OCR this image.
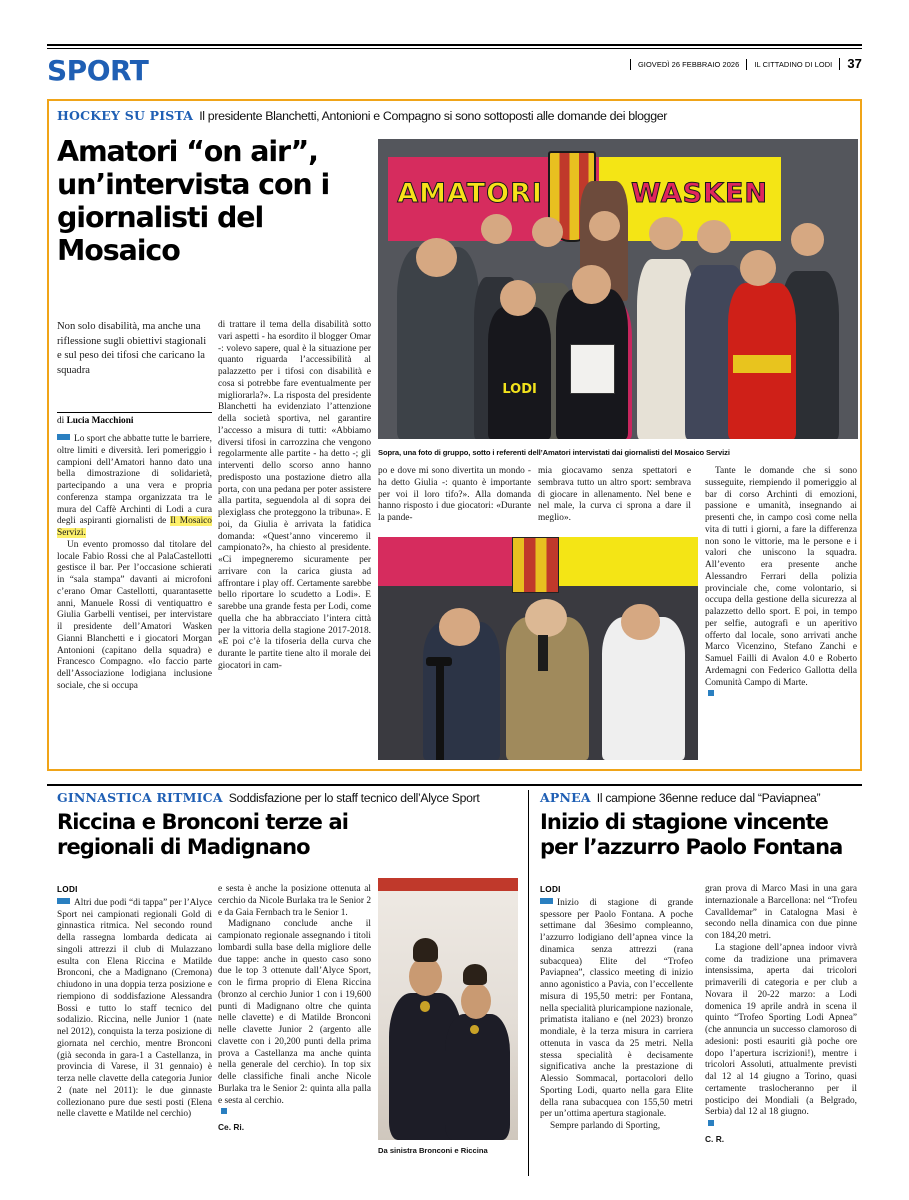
SPORT	GIOVEDÌ 26 FEBBRAIO 2026	IL CITTADINO DI LODI	37
HOCKEY SU PISTA Il presidente Blanchetti, Antonioni e Compagno si sono sottoposti alle domande dei blogger
Amatori “on air”, un’intervista con i giornalisti del Mosaico
AMATORI	WASKEN
LODI
Sopra, una foto di gruppo, sotto i referenti dell’Amatori intervistati dai giornalisti del Mosaico Servizi
Non solo disabilità, ma anche una riflessione sugli obiettivi stagionali e sul peso dei tifosi che caricano la squadra
di Lucia Macchioni

Lo sport che abbatte tutte le barriere, oltre limiti e diversità. Ieri pomeriggio i campioni dell’Amatori hanno dato una bella dimostrazione di solidarietà, partecipando a una vera e propria conferenza stampa organizzata tra le mura del Caffè Archinti di Lodi a cura degli aspiranti giornalisti de Il Mosaico Servizi.

Un evento promosso dal titolare del locale Fabio Rossi che al PalaCastellotti gestisce il bar. Per l’occasione schierati in “sala stampa” davanti ai microfoni c’erano Omar Castellotti, quarantasette anni, Manuele Rossi di ventiquattro e Giulia Garbelli ventisei, per intervistare il presidente dell’Amatori Wasken Gianni Blanchetti e i giocatori Morgan Antonioni (capitano della squadra) e Francesco Compagno. «Io faccio parte dell’Associazione lodigiana inclusione sociale, che si occupa

di trattare il tema della disabilità sotto vari aspetti - ha esordito il blogger Omar -: volevo sapere, qual è la situazione per quanto riguarda l’accessibilità al palazzetto per i tifosi con disabilità e cosa si potrebbe fare eventualmente per migliorarla?». La risposta del presidente Blanchetti ha evidenziato l’attenzione della società sportiva, nel garantire l’accesso a misura di tutti: «Abbiamo diversi tifosi in carrozzina che vengono regolarmente alle partite - ha detto -; gli interventi dello scorso anno hanno predisposto una postazione dietro alla porta, con una pedana per poter assistere alla partita, seguendola al di sopra dei plexiglass che proteggono la tribuna». E poi, da Giulia è arrivata la fatidica domanda: «Quest’anno vinceremo il campionato?», ha chiesto al presidente. «Ci impegneremo sicuramente per arrivare con la carica giusta ad affrontare i play off. Certamente sarebbe bello riportare lo scudetto a Lodi». E sarebbe una grande festa per Lodi, come quella che ha abbracciato l’intera città per la vittoria della stagione 2017-2018. «E poi c’è la tifoseria della curva che durante le partite tiene alto il morale dei giocatori in cam-

po e dove mi sono divertita un mondo - ha detto Giulia -: quanto è importante per voi il loro tifo?». Alla domanda hanno risposto i due giocatori: «Durante la pande-

mia giocavamo senza spettatori e sembrava tutto un altro sport: sembrava di giocare in allenamento. Nel bene e nel male, la curva ci sprona a dare il meglio».

Tante le domande che si sono susseguite, riempiendo il pomeriggio al bar di corso Archinti di emozioni, passione e umanità, insegnando ai presenti che, in campo così come nella vita di tutti i giorni, a fare la differenza non sono le vittorie, ma le persone e i valori che uniscono la squadra. All’evento era presente anche Alessandro Ferrari della polizia provinciale che, come volontario, si occupa della gestione della sicurezza al palazzetto dello sport. E poi, in tempo per selfie, autografi e un aperitivo offerto dal locale, sono arrivati anche Marco Vicenzino, Stefano Zanchi e Samuel Failli di Avalon 4.0 e Roberto Ardemagni con Federico Gallotta della Comunità Campo di Marte.

GINNASTICA RITMICA Soddisfazione per lo staff tecnico dell’Alyce Sport
Riccina e Bronconi terze ai regionali di Madignano
LODI

Altri due podi “di tappa” per l’Alyce Sport nei campionati regionali Gold di ginnastica ritmica. Nel secondo round della rassegna lombarda dedicata ai singoli attrezzi il club di Mulazzano esulta con Elena Riccina e Matilde Bronconi, che a Madignano (Cremona) chiudono in una doppia terza posizione e riempiono di soddisfazione Alessandra Bossi e tutto lo staff tecnico del sodalizio. Riccina, nelle Junior 1 (nate nel 2012), conquista la terza posizione di giornata nel cerchio, mentre Bronconi (già seconda in gara-1 a Castellanza, in provincia di Varese, il 31 gennaio) è terza nelle clavette della categoria Junior 2 (nate nel 2011): le due ginnaste collezionano pure due sesti posti (Elena nelle clavette e Matilde nel cerchio)

e sesta è anche la posizione ottenuta al cerchio da Nicole Burlaka tra le Senior 2 e da Gaia Fernbach tra le Senior 1.

Madignano conclude anche il campionato regionale assegnando i titoli lombardi sulla base della migliore delle due tappe: anche in questo caso sono due le top 3 ottenute dall’Alyce Sport, con le firma proprio di Elena Riccina (bronzo al cerchio Junior 1 con i 19,600 punti di Madignano oltre che quinta nelle clavette) e di Matilde Bronconi nelle clavette Junior 2 (argento alle clavette con i 20,200 punti della prima prova a Castellanza ma anche quinta nella generale del cerchio). In top six delle classifiche finali anche Nicole Burlaka tra le Senior 2: quinta alla palla e sesta al cerchio.

Ce. Ri.
Da sinistra Bronconi e Riccina
APNEA Il campione 36enne reduce dal “Paviapnea”
Inizio di stagione vincente per l’azzurro Paolo Fontana
LODI

Inizio di stagione di grande spessore per Paolo Fontana. A poche settimane dal 36esimo compleanno, l’azzurro lodigiano dell’apnea vince la dinamica senza attrezzi (rana subacquea) Elite del “Trofeo Paviapnea”, classico meeting di inizio anno agonistico a Pavia, con l’eccellente misura di 195,50 metri: per Fontana, nella specialità pluricampione nazionale, primatista italiano e (nel 2023) bronzo mondiale, è la terza misura in carriera ottenuta in vasca da 25 metri. Nella stessa specialità è decisamente significativa anche la prestazione di Alessio Sommacal, portacolori dello Sporting Lodi, quarto nella gara Elite della rana subacquea con 155,50 metri per un’ottima apertura stagionale.

Sempre parlando di Sporting,

gran prova di Marco Masi in una gara internazionale a Barcellona: nel “Trofeu Cavalldemar” in Catalogna Masi è secondo nella dinamica con due pinne con 184,20 metri.

La stagione dell’apnea indoor vivrà come da tradizione una primavera intensissima, aperta dai tricolori primaverili di categoria e per club a Novara il 20-22 marzo: a Lodi domenica 19 aprile andrà in scena il quinto “Trofeo Sporting Lodi Apnea” (che annuncia un successo clamoroso di adesioni: posti esauriti già poche ore dopo l’apertura iscrizioni!), mentre i tricolori Assoluti, attualmente previsti dal 12 al 14 giugno a Torino, quasi certamente traslocheranno per il posticipo dei Mondiali (a Belgrado, Serbia) dal 12 al 18 giugno.

C. R.
